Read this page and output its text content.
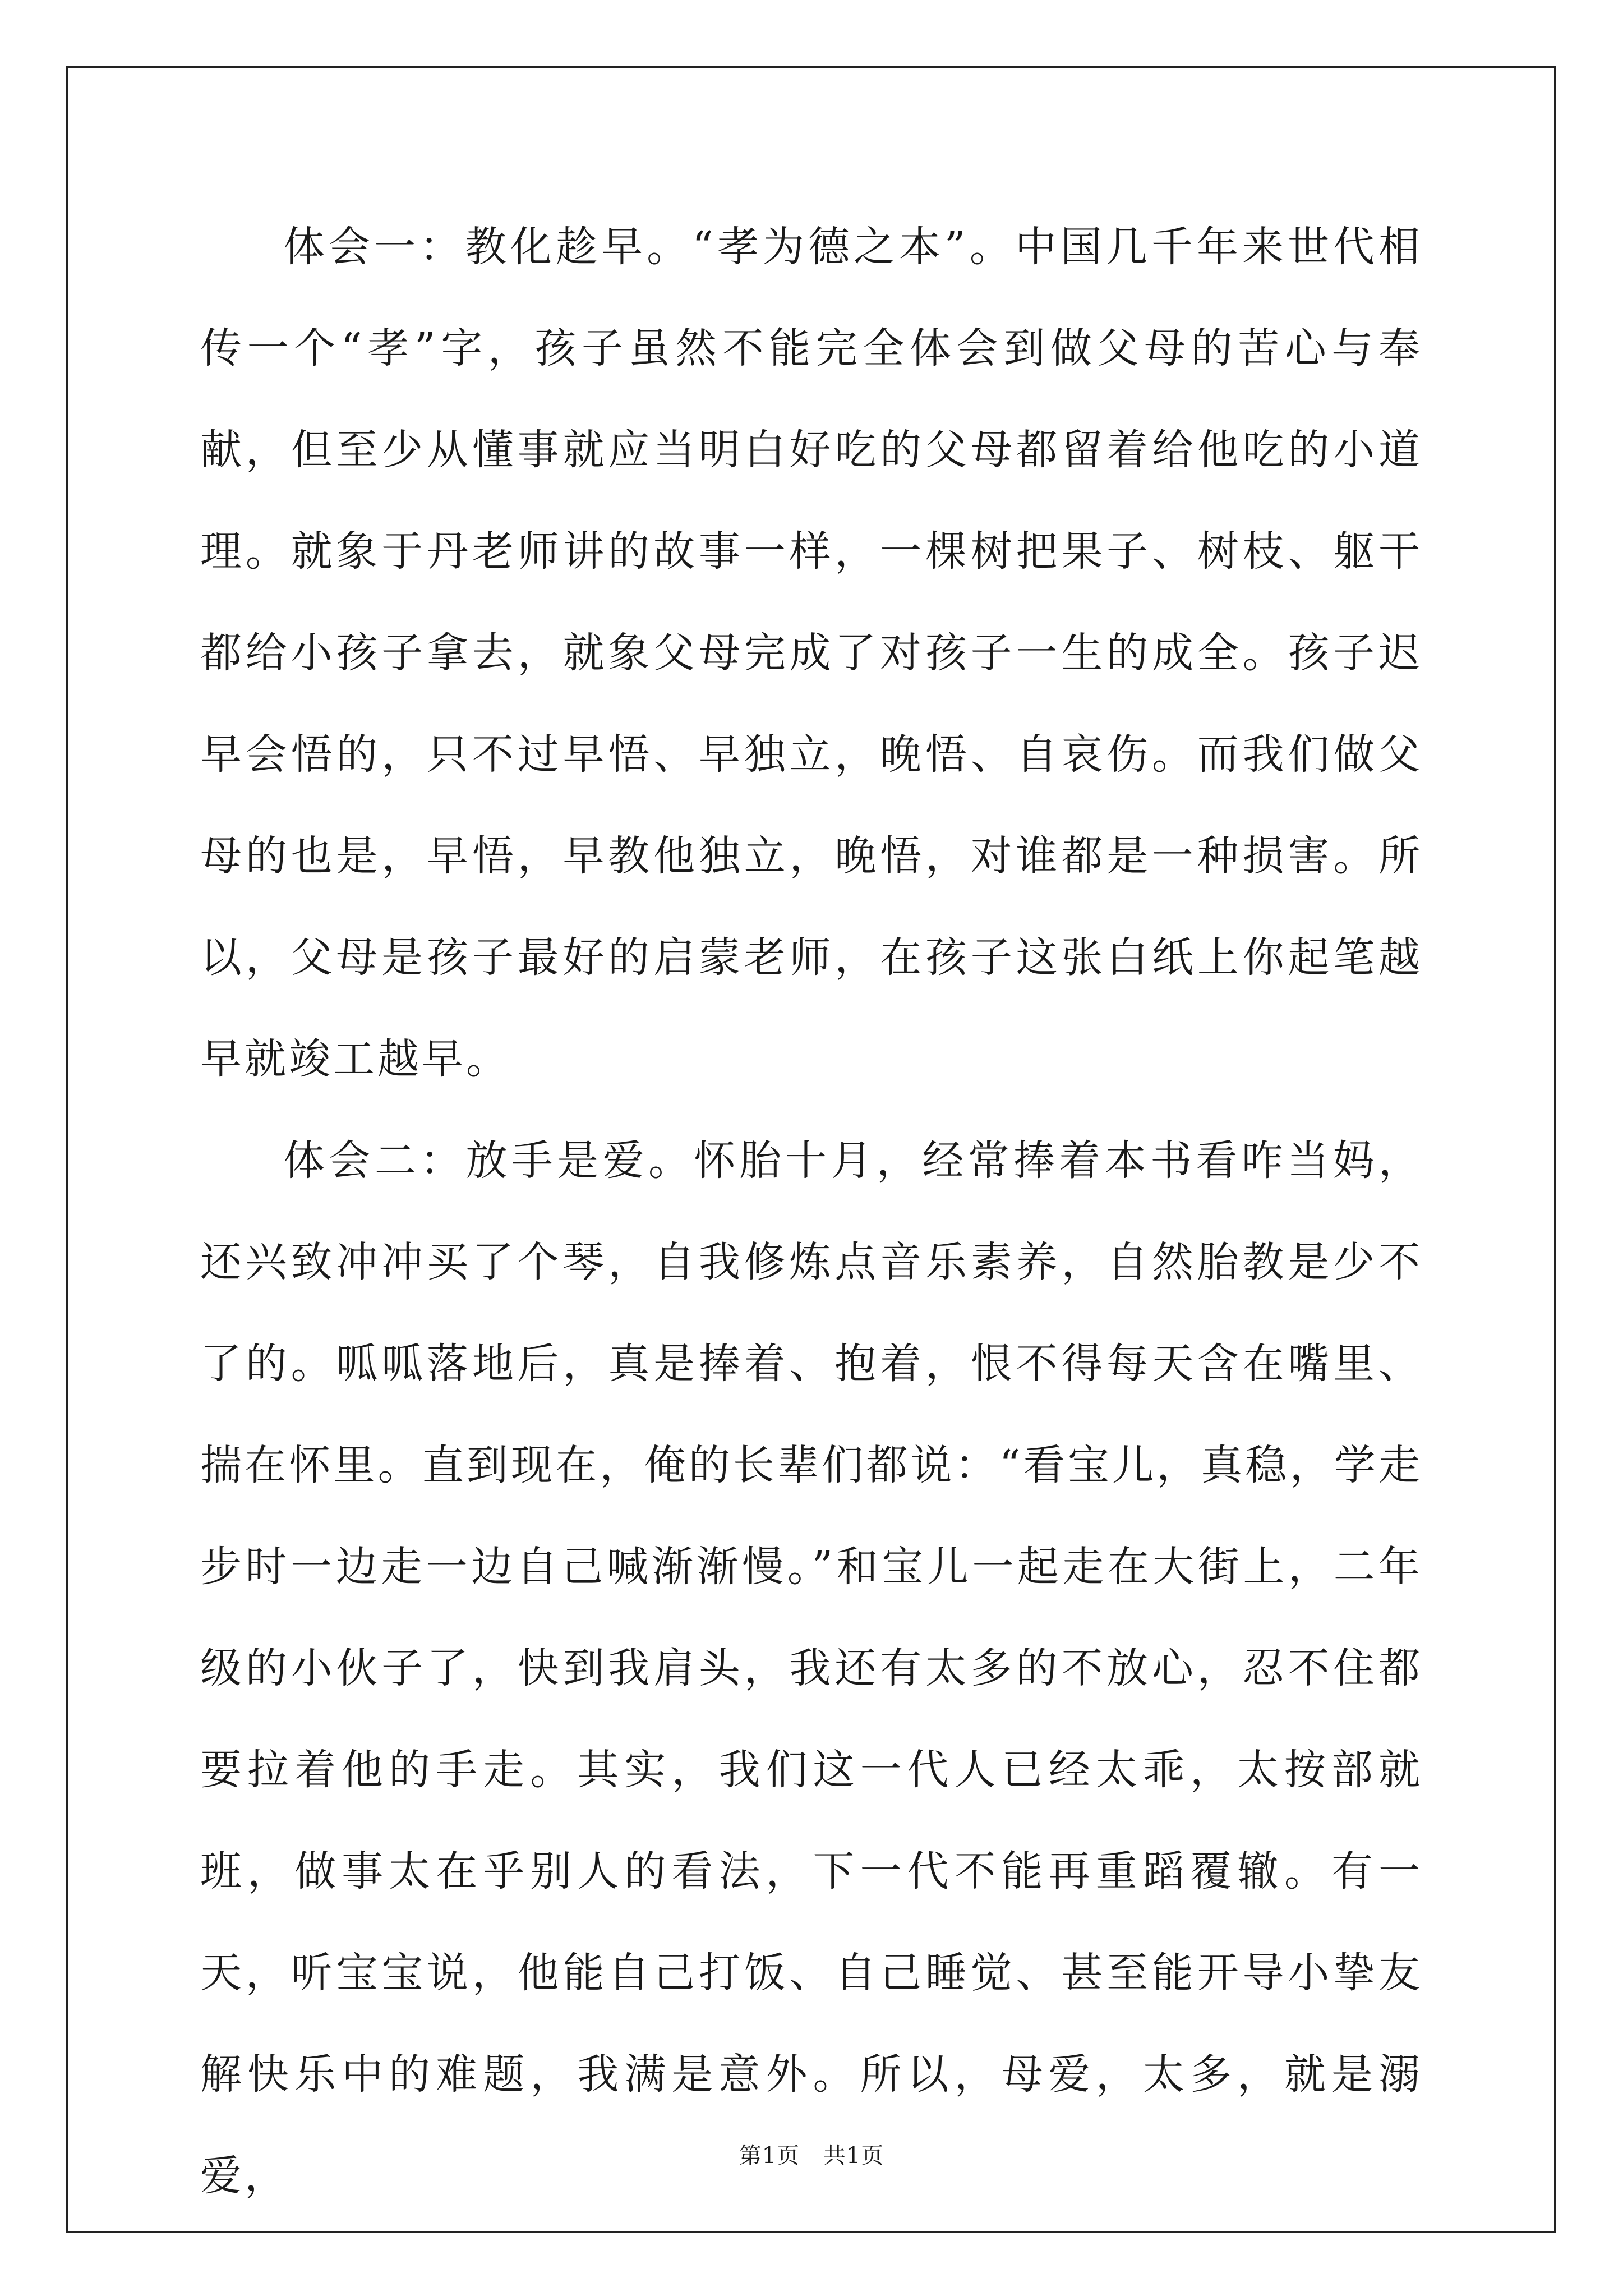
体会一：教化趁早。“孝为德之本”。中国几千年来世代相传一个“孝”字，孩子虽然不能完全体会到做父母的苦心与奉献，但至少从懂事就应当明白好吃的父母都留着给他吃的小道理。就象于丹老师讲的故事一样，一棵树把果子、树枝、躯干都给小孩子拿去，就象父母完成了对孩子一生的成全。孩子迟早会悟的，只不过早悟、早独立，晚悟、自哀伤。而我们做父母的也是，早悟，早教他独立，晚悟，对谁都是一种损害。所以，父母是孩子最好的启蒙老师，在孩子这张白纸上你起笔越早就竣工越早。

体会二：放手是爱。怀胎十月，经常捧着本书看咋当妈，还兴致冲冲买了个琴，自我修炼点音乐素养，自然胎教是少不了的。呱呱落地后，真是捧着、抱着，恨不得每天含在嘴里、揣在怀里。直到现在，俺的长辈们都说：“看宝儿，真稳，学走步时一边走一边自己喊渐渐慢。”和宝儿一起走在大街上，二年级的小伙子了，快到我肩头，我还有太多的不放心，忍不住都要拉着他的手走。其实，我们这一代人已经太乖，太按部就班，做事太在乎别人的看法，下一代不能再重蹈覆辙。有一天，听宝宝说，他能自己打饭、自己睡觉、甚至能开导小挚友解快乐中的难题，我满是意外。所以，母爱，太多，就是溺爱，	第1页 共1页
